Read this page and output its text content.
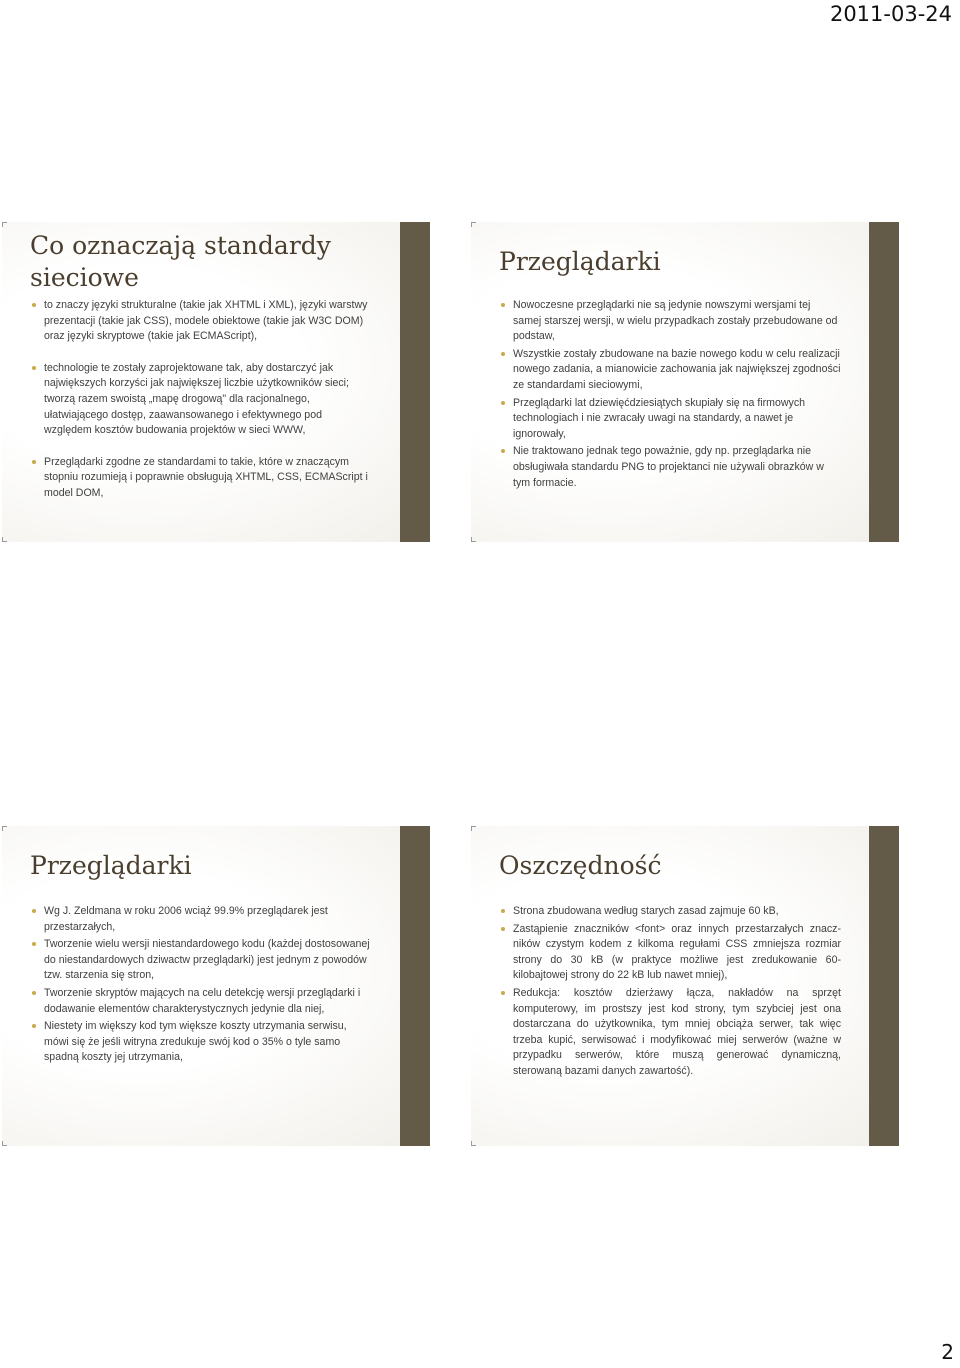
2011-03-24
Co oznaczają standardy sieciowe
to znaczy języki strukturalne (takie jak XHTML i XML), języki warstwy prezentacji (takie jak CSS), modele obiektowe (takie jak W3C DOM) oraz języki skryptowe (takie jak ECMAScript),
technologie te zostały zaprojektowane tak, aby dostarczyć jak największych korzyści jak największej liczbie użytkowników sieci; tworzą razem swoistą „mapę drogową" dla racjonalnego, ułatwiającego dostęp, zaawansowanego i efektywnego pod względem kosztów budowania projektów w sieci WWW,
Przeglądarki zgodne ze standardami to takie, które w znaczącym stopniu rozumieją i poprawnie obsługują XHTML, CSS, ECMAScript i model DOM,
Przeglądarki
Nowoczesne przeglądarki nie są jedynie nowszymi wersjami tej samej starszej wersji, w wielu przypadkach zostały przebudowane od podstaw,
Wszystkie zostały zbudowane na bazie nowego kodu w celu realizacji nowego zadania, a mianowicie zachowania jak największej zgodności ze standardami sieciowymi,
Przeglądarki lat dziewięćdziesiątych skupiały się na firmowych technologiach i nie zwracały uwagi na standardy, a nawet je ignorowały,
Nie traktowano jednak tego poważnie, gdy np. przeglądarka nie obsługiwała standardu PNG to projektanci nie używali obrazków w tym formacie.
Przeglądarki
Wg J. Zeldmana w roku 2006 wciąż 99.9% przeglądarek jest przestarzałych,
Tworzenie wielu wersji niestandardowego kodu (każdej dostosowanej do niestandardowych dziwactw przeglądarki) jest jednym z powodów tzw. starzenia się stron,
Tworzenie skryptów mających na celu detekcję wersji przeglądarki i dodawanie elementów charakterystycznych jedynie dla niej,
Niestety im większy kod tym większe koszty utrzymania serwisu, mówi się że jeśli witryna zredukuje swój kod o 35% o tyle samo spadną koszty jej utrzymania,
Oszczędność
Strona zbudowana według starych zasad zajmuje 60 kB,
Zastąpienie znaczników <font> oraz innych przestarzałych znacz-ników czystym kodem z kilkoma regułami CSS zmniejsza rozmiar strony do 30 kB (w praktyce możliwe jest zredukowanie 60-kilobajtowej strony do 22 kB lub nawet mniej),
Redukcja: kosztów dzierżawy łącza, nakładów na sprzęt komputerowy, im prostszy jest kod strony, tym szybciej jest ona dostarczana do użytkownika, tym mniej obciąża serwer, tak więc trzeba kupić, serwisować i modyfikować miej serwerów (ważne w przypadku serwerów, które muszą generować dynamiczną, sterowaną bazami danych zawartość).
2
